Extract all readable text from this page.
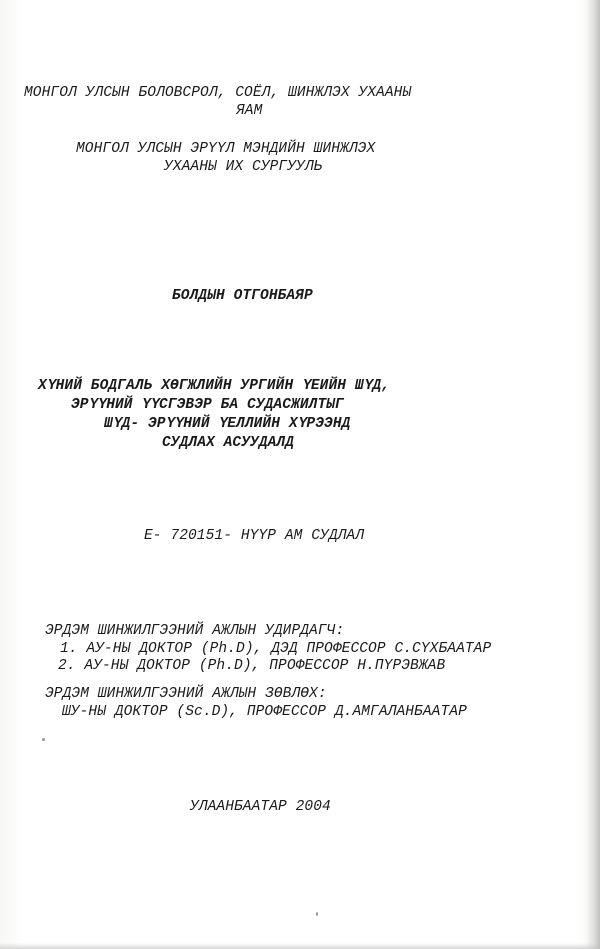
МОНГОЛ УЛСЫН БОЛОВСРОЛ, СОЁЛ, ШИНЖЛЭХ УХААНЫ
ЯАМ
МОНГОЛ УЛСЫН ЭРҮҮЛ МЭНДИЙН ШИНЖЛЭХ
УХААНЫ ИХ СУРГУУЛЬ
БОЛДЫН ОТГОНБАЯР
ХҮНИЙ БОДГАЛЬ ХӨГЖЛИЙН УРГИЙН ҮЕИЙН ШҮД,
ЭРҮҮНИЙ ҮҮСГЭВЭР БА СУДАСЖИЛТЫГ
ШҮД- ЭРҮҮНИЙ ҮЕЛЛИЙН ХҮРЭЭНД
СУДЛАХ АСУУДАЛД
Е- 720151- НҮҮР АМ СУДЛАЛ
ЭРДЭМ ШИНЖИЛГЭЭНИЙ АЖЛЫН УДИРДАГЧ:
1. АУ-НЫ ДОКТОР (Ph.D), ДЭД ПРОФЕССОР С.СҮХБААТАР
2. АУ-НЫ ДОКТОР (Ph.D), ПРОФЕССОР Н.ПҮРЭВЖАВ
ЭРДЭМ ШИНЖИЛГЭЭНИЙ АЖЛЫН ЗӨВЛӨХ:
ШУ-НЫ ДОКТОР (Sc.D), ПРОФЕССОР Д.АМГАЛАНБААТАР
УЛААНБААТАР 2004
